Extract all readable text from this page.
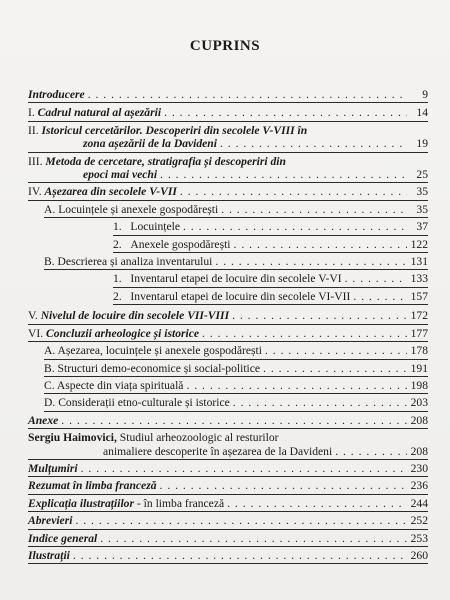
CUPRINS
Introducere . . .	9
I. Cadrul natural al așezării . . .	14
II. Istoricul cercetărilor. Descoperiri din secolele V-VIII în
zona așezării de la Davideni . . .	19
III. Metoda de cercetare, stratigrafia și descoperiri din
epoci mai vechi . . .	25
IV. Așezarea din secolele V-VII . . .	35
A. Locuințele și anexele gospodărești . . .	35
1. Locuințele . . .	37
2. Anexele gospodărești . . .	122
B. Descrierea și analiza inventarului . . .	131
1. Inventarul etapei de locuire din secolele V-VI . . .	133
2. Inventarul etapei de locuire din secolele VI-VII . . .	157
V. Nivelul de locuire din secolele VII-VIII . . .	172
VI. Concluzii arheologice și istorice . . .	177
A. Așezarea, locuințele și anexele gospodărești . . .	178
B. Structuri demo-economice și social-politice . . .	191
C. Aspecte din viața spirituală . . .	198
D. Considerații etno-culturale și istorice . . .	203
Anexe . . .	208
Sergiu Haimovici, Studiul arheozoologic al resturilor
animaliere descoperite în așezarea de la Davideni . . .	208
Mulțumiri . . .	230
Rezumat în limba franceză . . .	236
Explicația ilustrațiilor - în limba franceză . . .	244
Abrevieri . . .	252
Indice general . . .	253
Ilustrații . . .	260
